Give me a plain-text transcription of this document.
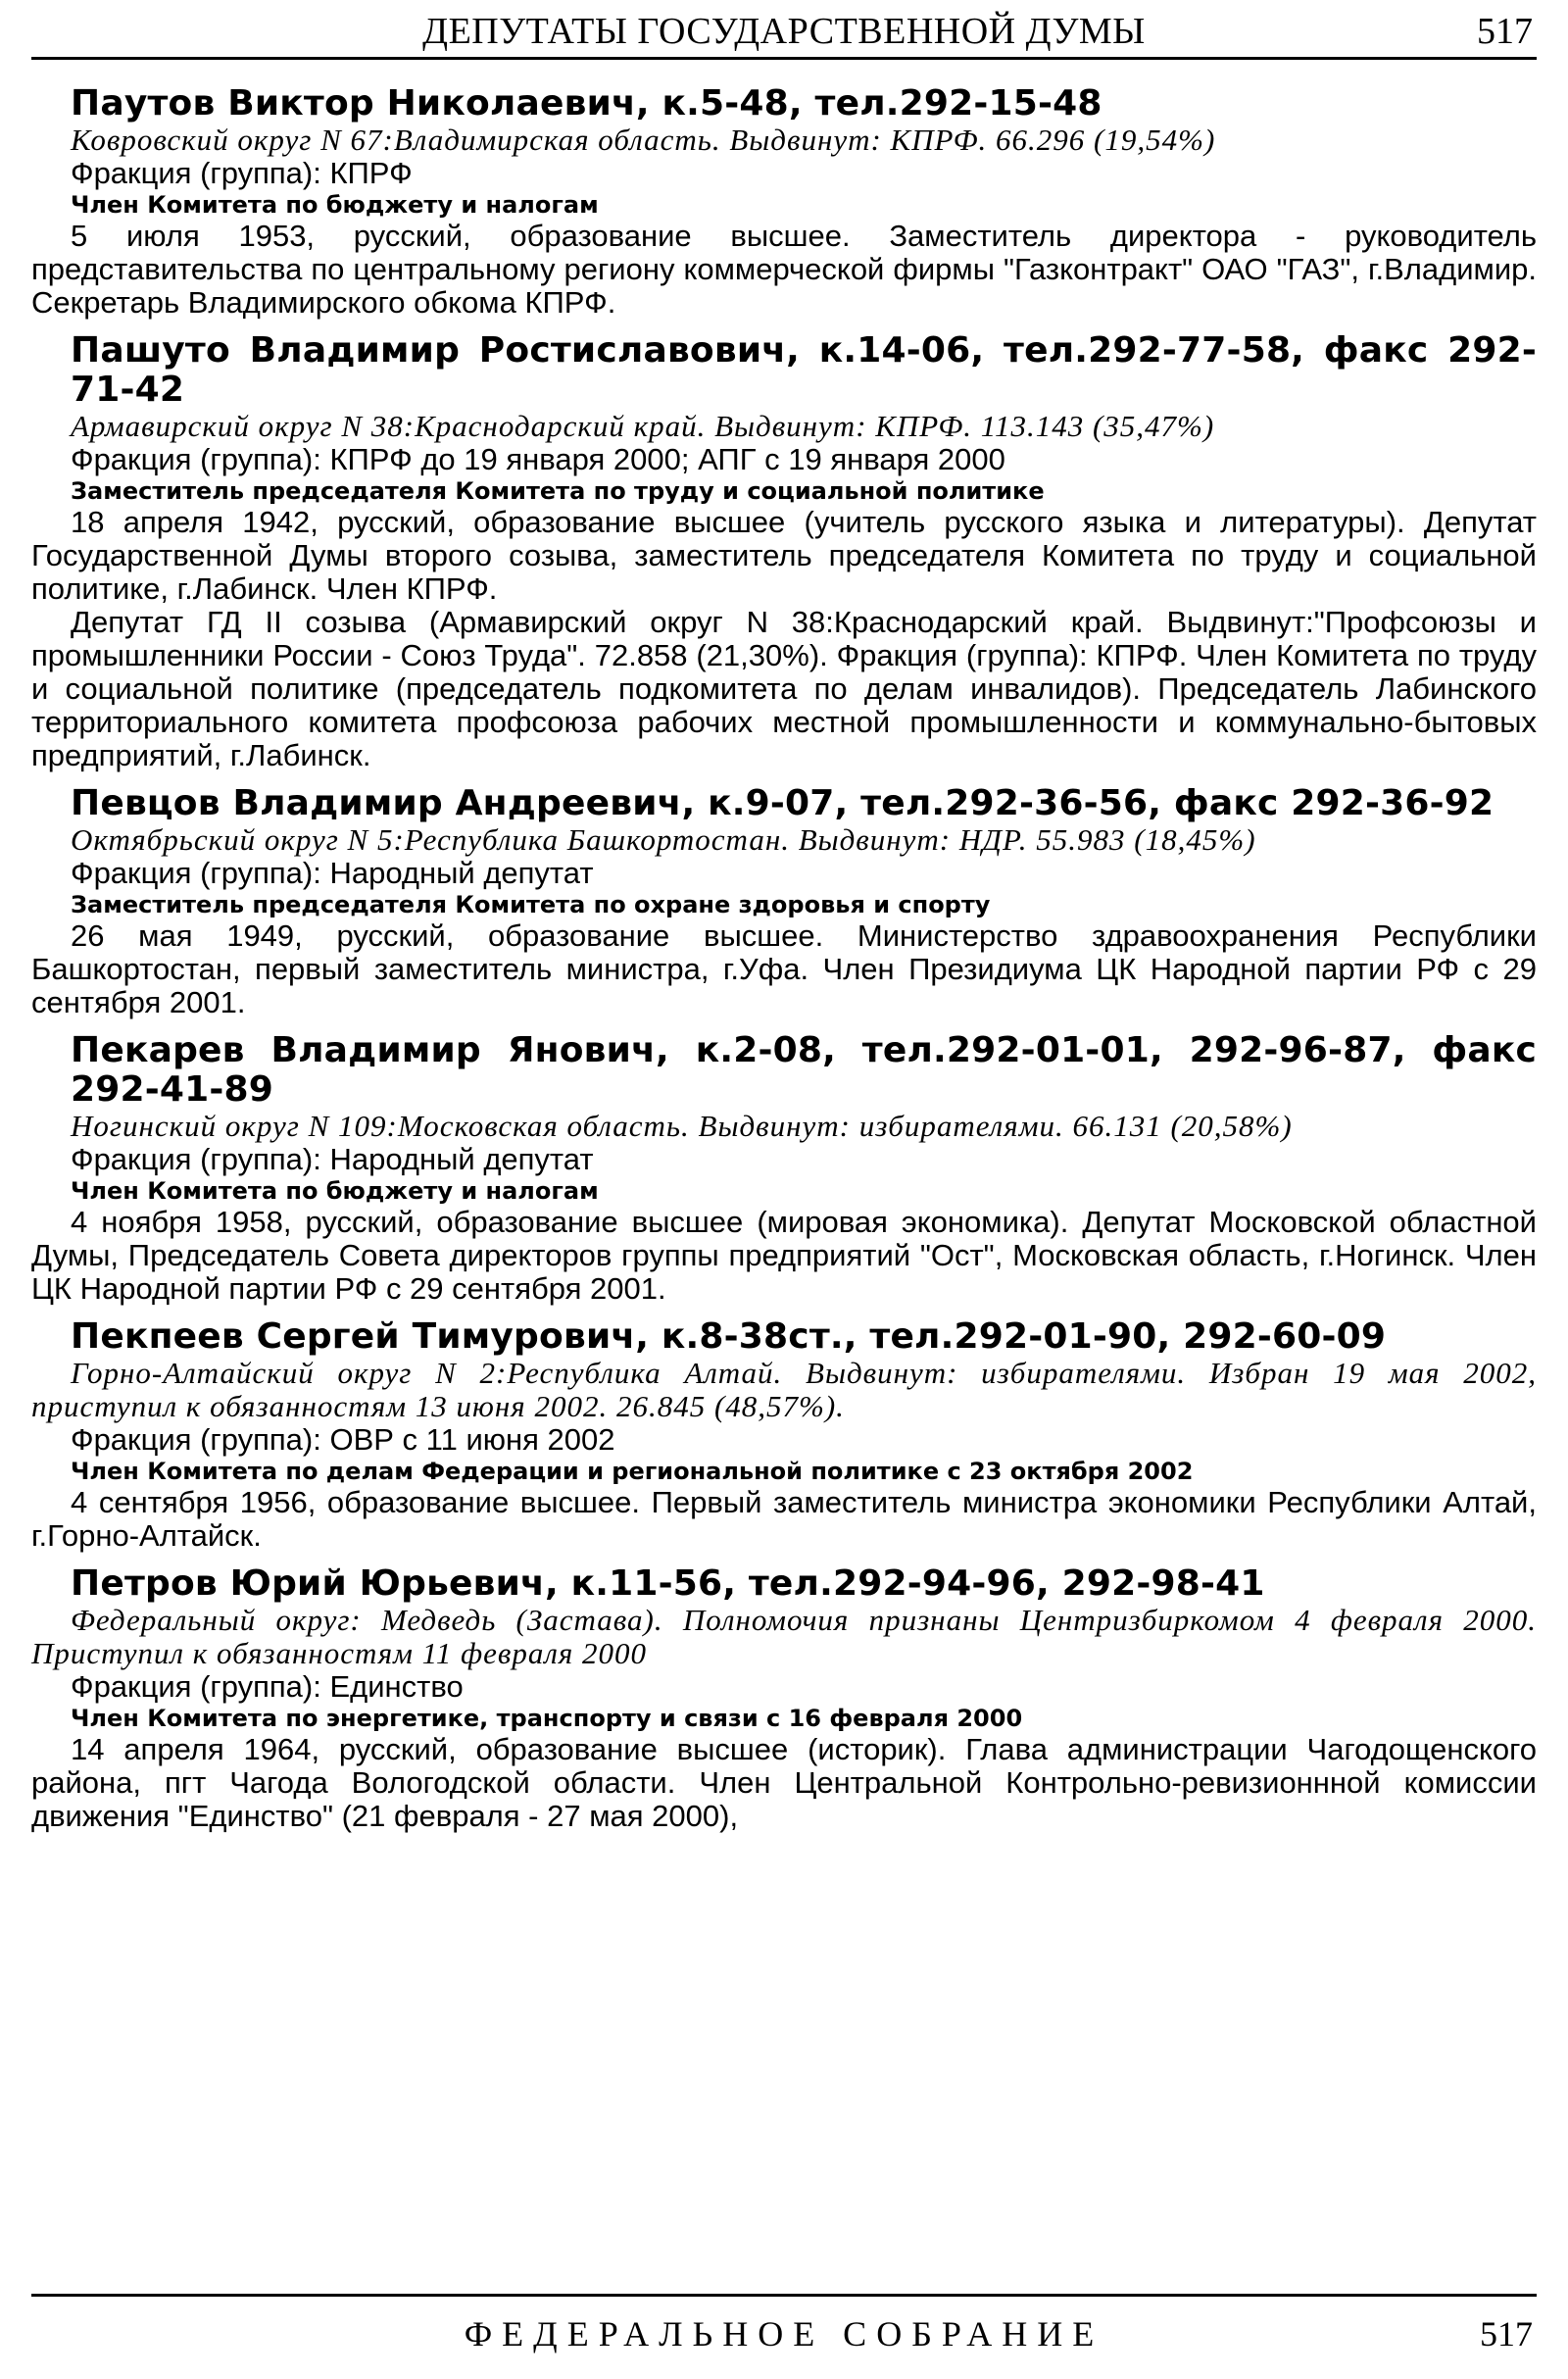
ДЕПУТАТЫ ГОСУДАРСТВЕННОЙ ДУМЫ	517

Паутов Виктор Николаевич, к.5-48, тел.292-15-48

Ковровский округ N 67:Владимирская область. Выдвинут: КПРФ. 66.296 (19,54%)

Фракция (группа): КПРФ

Член Комитета по бюджету и налогам

5 июля 1953, русский, образование высшее. Заместитель директора - руководитель представительства по центральному региону коммерческой фирмы "Газконтракт" ОАО "ГАЗ", г.Владимир. Секретарь Владимирского обкома КПРФ.

Пашуто Владимир Ростиславович, к.14-06, тел.292-77-58, факс 292-71-42

Армавирский округ N 38:Краснодарский край. Выдвинут: КПРФ. 113.143 (35,47%)

Фракция (группа): КПРФ до 19 января 2000; АПГ с 19 января 2000

Заместитель председателя Комитета по труду и социальной политике

18 апреля 1942, русский, образование высшее (учитель русского языка и литературы). Депутат Государственной Думы второго созыва, заместитель председателя Комитета по труду и социальной политике, г.Лабинск. Член КПРФ.

Депутат ГД II созыва (Армавирский округ N 38:Краснодарский край. Выдвинут:"Профсоюзы и промышленники России - Союз Труда". 72.858 (21,30%). Фракция (группа): КПРФ. Член Комитета по труду и социальной политике (председатель подкомитета по делам инвалидов). Председатель Лабинского территориального комитета профсоюза рабочих местной промышленности и коммунально-бытовых предприятий, г.Лабинск.

Певцов Владимир Андреевич, к.9-07, тел.292-36-56, факс 292-36-92

Октябрьский округ N 5:Республика Башкортостан. Выдвинут: НДР. 55.983 (18,45%)

Фракция (группа): Народный депутат

Заместитель председателя Комитета по охране здоровья и спорту

26 мая 1949, русский, образование высшее. Министерство здравоохранения Республики Башкортостан, первый заместитель министра, г.Уфа. Член Президиума ЦК Народной партии РФ с 29 сентября 2001.

Пекарев Владимир Янович, к.2-08, тел.292-01-01, 292-96-87, факс 292-41-89

Ногинский округ N 109:Московская область. Выдвинут: избирателями. 66.131 (20,58%)

Фракция (группа): Народный депутат

Член Комитета по бюджету и налогам

4 ноября 1958, русский, образование высшее (мировая экономика). Депутат Московской областной Думы, Председатель Совета директоров группы предприятий "Ост", Московская область, г.Ногинск. Член ЦК Народной партии РФ с 29 сентября 2001.

Пекпеев Сергей Тимурович, к.8-38ст., тел.292-01-90, 292-60-09

Горно-Алтайский округ N 2:Республика Алтай. Выдвинут: избирателями. Избран 19 мая 2002, приступил к обязанностям 13 июня 2002. 26.845 (48,57%).

Фракция (группа): ОВР с 11 июня 2002

Член Комитета по делам Федерации и региональной политике с 23 октября 2002

4 сентября 1956, образование высшее. Первый заместитель министра экономики Республики Алтай, г.Горно-Алтайск.

Петров Юрий Юрьевич, к.11-56, тел.292-94-96, 292-98-41

Федеральный округ: Медведь (Застава). Полномочия признаны Центризбиркомом 4 февраля 2000. Приступил к обязанностям 11 февраля 2000

Фракция (группа): Единство

Член Комитета по энергетике, транспорту и связи с 16 февраля 2000

14 апреля 1964, русский, образование высшее (историк). Глава администрации Чагодощенского района, пгт Чагода Вологодской области. Член Центральной Контрольно-ревизионнной комиссии движения "Единство" (21 февраля - 27 мая 2000),

ФЕДЕРАЛЬНОЕ СОБРАНИЕ	517
